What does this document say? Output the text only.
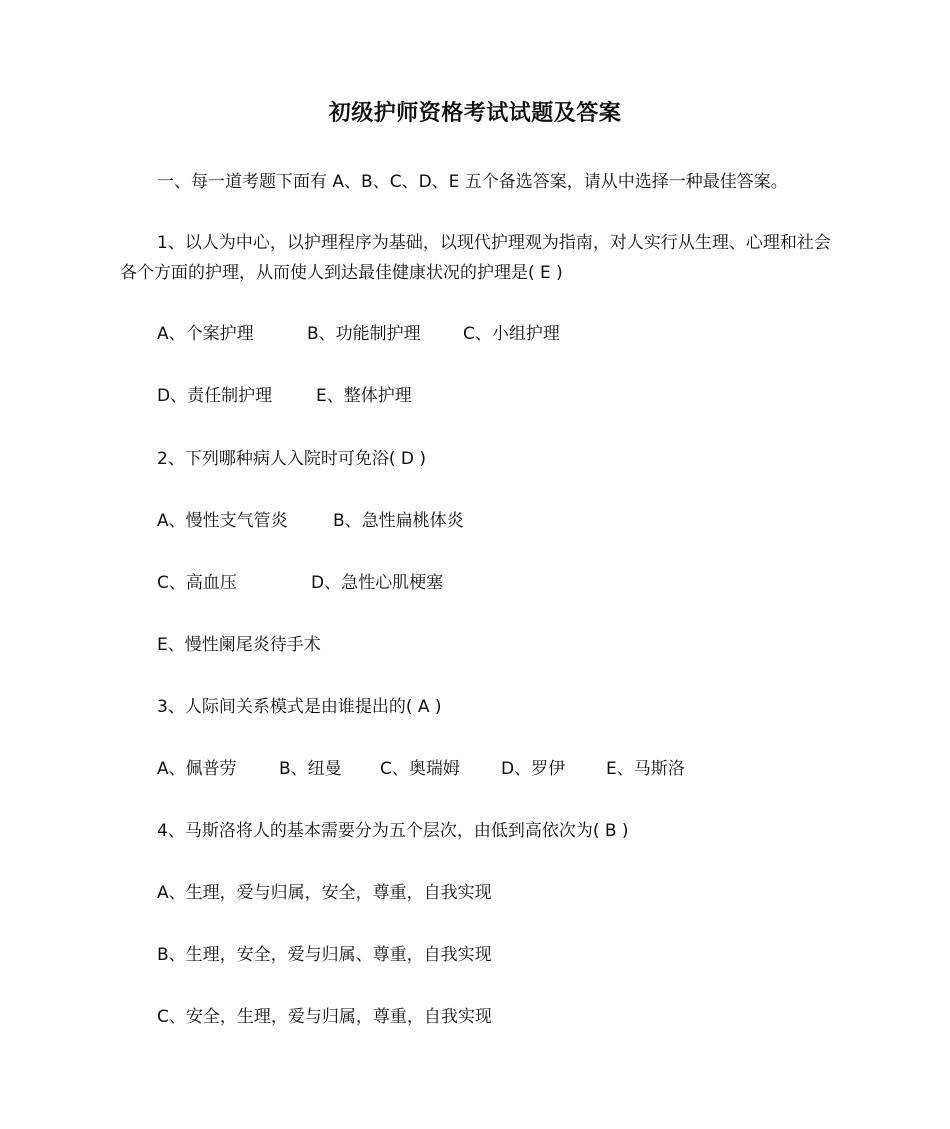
初级护师资格考试试题及答案
一、每一道考题下面有 A、B、C、D、E 五个备选答案，请从中选择一种最佳答案。
1、以人为中心，以护理程序为基础，以现代护理观为指南，对人实行从生理、心理和社会各个方面的护理，从而使人到达最佳健康状况的护理是( E )
A、个案护理	B、功能制护理 C、小组护理
D、责任制护理	E、整体护理
2、下列哪种病人入院时可免浴( D )
A、慢性支气管炎	B、急性扁桃体炎
C、高血压	D、急性心肌梗塞
E、慢性阑尾炎待手术
3、人际间关系模式是由谁提出的( A )
A、佩普劳 B、纽曼 C、奥瑞姆 D、罗伊 E、马斯洛
4、马斯洛将人的基本需要分为五个层次，由低到高依次为( B )
A、生理，爱与归属，安全，尊重，自我实现
B、生理，安全，爱与归属、尊重，自我实现
C、安全，生理，爱与归属，尊重，自我实现
